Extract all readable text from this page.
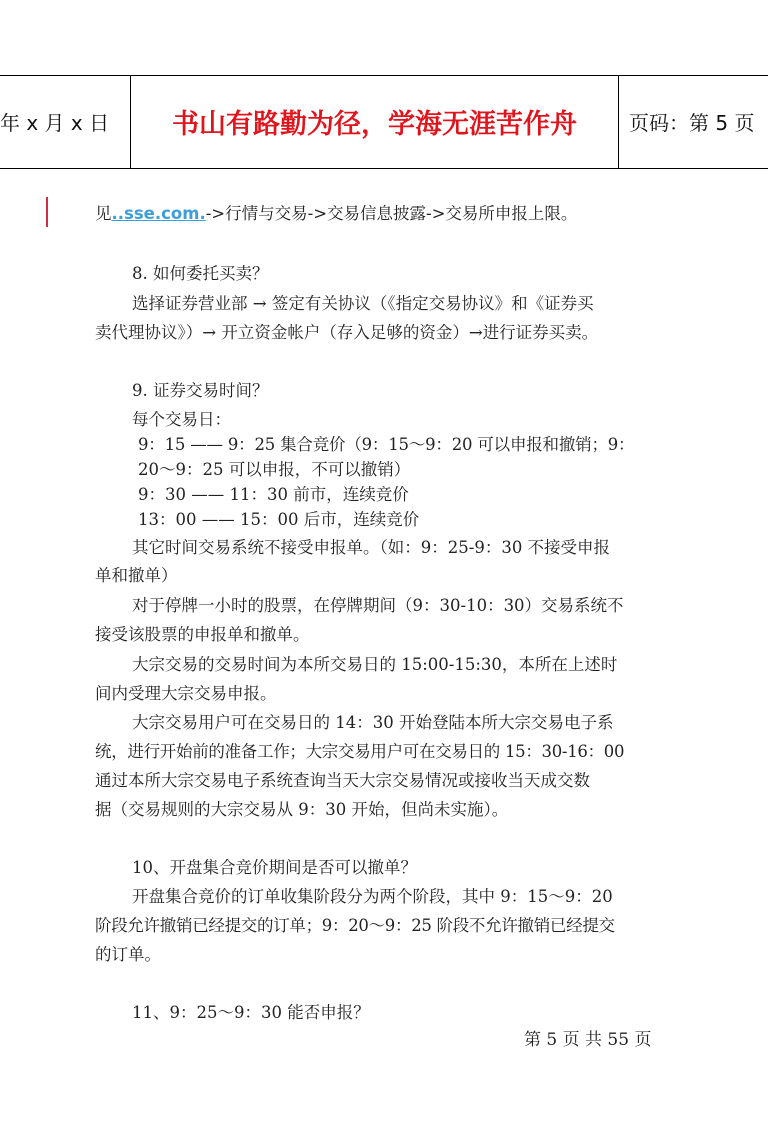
年 x 月 x 日	书山有路勤为径，学海无涯苦作舟	页码：第 5 页
见..sse.com.->行情与交易->交易信息披露->交易所申报上限。
8. 如何委托买卖？
选择证券营业部 → 签定有关协议（《指定交易协议》和《证券买
卖代理协议》）→ 开立资金帐户（存入足够的资金）→进行证券买卖。
9. 证券交易时间？
每个交易日：
9：15 —— 9：25 集合竞价（9：15～9：20 可以申报和撤销；9：
20～9：25 可以申报，不可以撤销）
9：30 —— 11：30 前市，连续竞价
13：00 —— 15：00 后市，连续竞价
其它时间交易系统不接受申报单。（如：9：25-9：30 不接受申报
单和撤单）
对于停牌一小时的股票，在停牌期间（9：30-10：30）交易系统不
接受该股票的申报单和撤单。
大宗交易的交易时间为本所交易日的 15:00-15:30，本所在上述时
间内受理大宗交易申报。
大宗交易用户可在交易日的 14：30 开始登陆本所大宗交易电子系
统，进行开始前的准备工作；大宗交易用户可在交易日的 15：30-16：00
通过本所大宗交易电子系统查询当天大宗交易情况或接收当天成交数
据（交易规则的大宗交易从 9：30 开始，但尚未实施）。
10、开盘集合竞价期间是否可以撤单？
开盘集合竞价的订单收集阶段分为两个阶段，其中 9：15～9：20
阶段允许撤销已经提交的订单；9：20～9：25 阶段不允许撤销已经提交
的订单。
11、9：25～9：30 能否申报？
第 5 页 共 55 页
